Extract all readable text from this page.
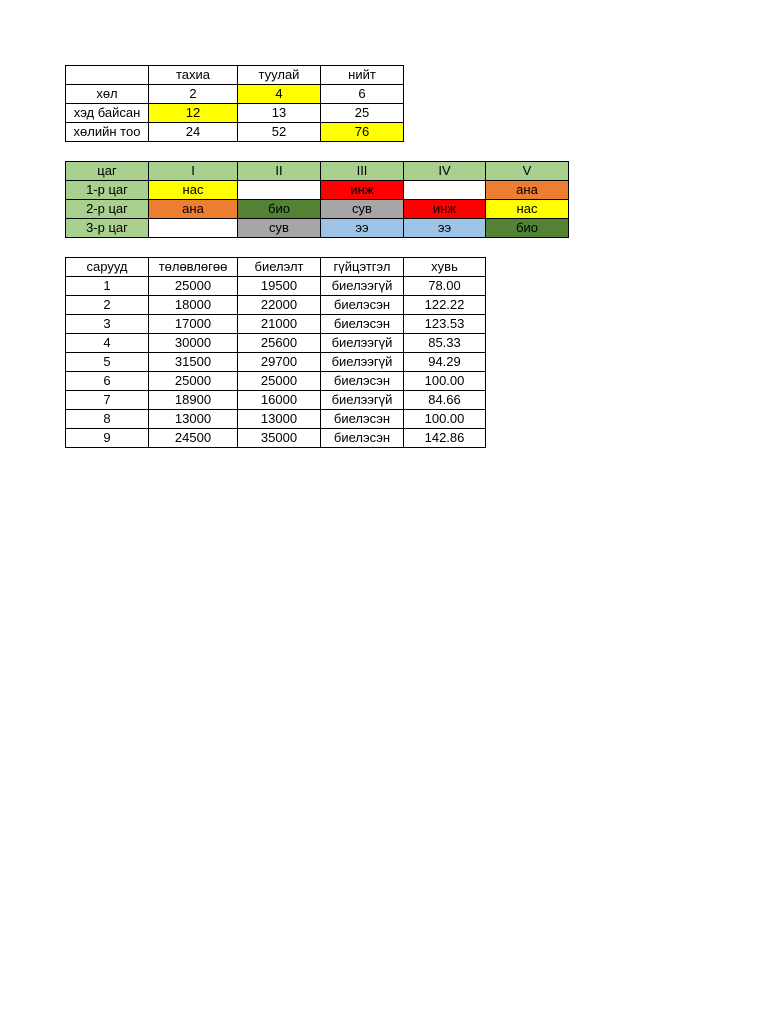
	тахиа	туулай	нийт
хөл	2	4	6
хэд байсан	12	13	25
хөлийн тоо	24	52	76
цаг	I	II	III	IV	V
1-р цаг	нас		инж		ана
2-р цаг	ана	био	сув	инж	нас
3-р цаг		сув	ээ	ээ	био
сарууд	төлөвлөгөө	биелэлт	гүйцэтгэл	хувь
1	25000	19500	биелээгүй	78.00
2	18000	22000	биелэсэн	122.22
3	17000	21000	биелэсэн	123.53
4	30000	25600	биелээгүй	85.33
5	31500	29700	биелээгүй	94.29
6	25000	25000	биелэсэн	100.00
7	18900	16000	биелээгүй	84.66
8	13000	13000	биелэсэн	100.00
9	24500	35000	биелэсэн	142.86
